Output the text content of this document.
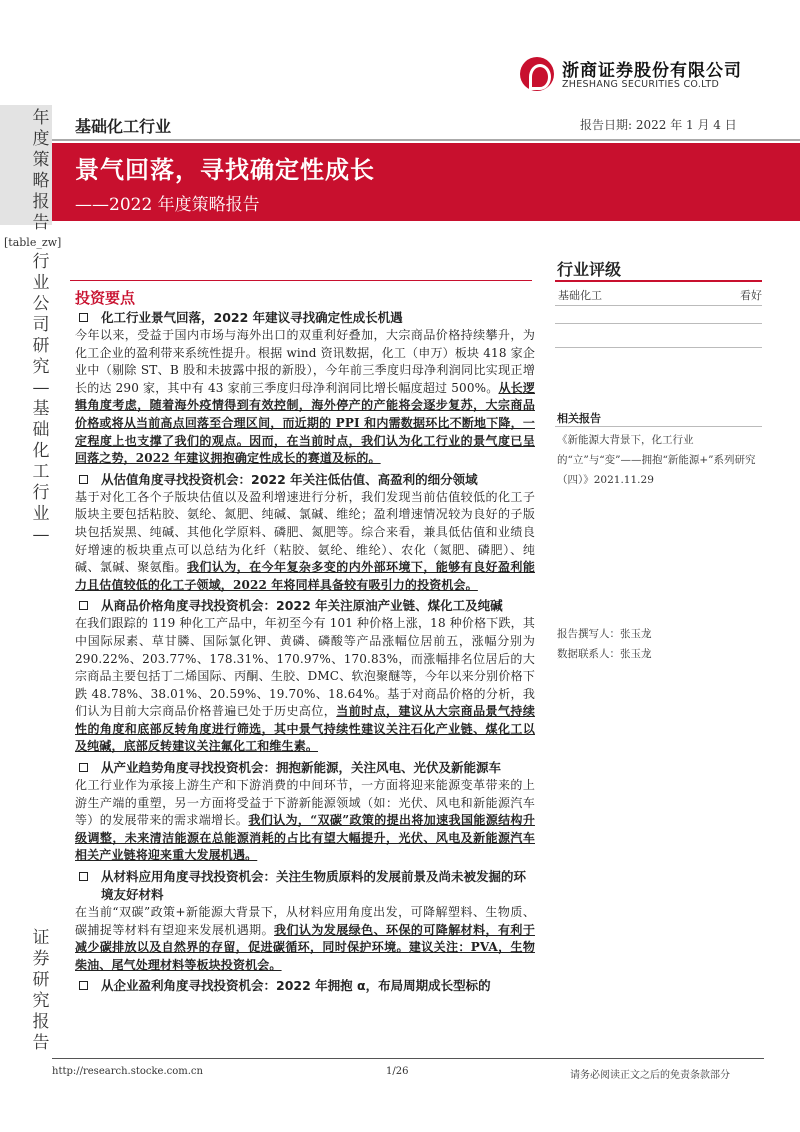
浙商证券股份有限公司
ZHESHANG SECURITIES CO.LTD
年度策略报告
[table_zw]
行业公司研究—基础化工行业—
证券研究报告
基础化工行业	报告日期: 2022 年 1 月 4 日
景气回落，寻找确定性成长
——2022 年度策略报告
投资要点
化工行业景气回落，2022 年建议寻找确定性成长机遇
今年以来，受益于国内市场与海外出口的双重利好叠加，大宗商品价格持续攀升，为化工企业的盈利带来系统性提升。根据 wind 资讯数据，化工（申万）板块 418 家企业中（剔除 ST、B 股和未披露中报的新股），今年前三季度归母净利润同比实现正增长的达 290 家，其中有 43 家前三季度归母净利润同比增长幅度超过 500%。从长逻辑角度考虑，随着海外疫情得到有效控制，海外停产的产能将会逐步复苏，大宗商品价格或将从当前高点回落至合理区间，而近期的 PPI 和内需数据环比不断地下降，一定程度上也支撑了我们的观点。因而，在当前时点，我们认为化工行业的景气度已呈回落之势，2022 年建议拥抱确定性成长的赛道及标的。
从估值角度寻找投资机会：2022 年关注低估值、高盈利的细分领域
基于对化工各个子版块估值以及盈利增速进行分析，我们发现当前估值较低的化工子版块主要包括粘胶、氨纶、氮肥、纯碱、氯碱、维纶；盈利增速情况较为良好的子版块包括炭黑、纯碱、其他化学原料、磷肥、氮肥等。综合来看，兼具低估值和业绩良好增速的板块重点可以总结为化纤（粘胶、氨纶、维纶）、农化（氮肥、磷肥）、纯碱、氯碱、聚氨酯。我们认为，在今年复杂多变的内外部环境下，能够有良好盈利能力且估值较低的化工子领域，2022 年将同样具备较有吸引力的投资机会。
从商品价格角度寻找投资机会：2022 年关注原油产业链、煤化工及纯碱
在我们跟踪的 119 种化工产品中，年初至今有 101 种价格上涨，18 种价格下跌，其中国际尿素、草甘膦、国际氯化钾、黄磷、磷酸等产品涨幅位居前五，涨幅分别为 290.22%、203.77%、178.31%、170.97%、170.83%，而涨幅排名位居后的大宗商品主要包括丁二烯国际、丙酮、生胶、DMC、软泡聚醚等，今年以来分别价格下跌 48.78%、38.01%、20.59%、19.70%、18.64%。基于对商品价格的分析，我们认为目前大宗商品价格普遍已处于历史高位，当前时点，建议从大宗商品景气持续性的角度和底部反转角度进行筛选，其中景气持续性建议关注石化产业链、煤化工以及纯碱，底部反转建议关注氟化工和维生素。
从产业趋势角度寻找投资机会：拥抱新能源，关注风电、光伏及新能源车
化工行业作为承接上游生产和下游消费的中间环节，一方面将迎来能源变革带来的上游生产端的重塑，另一方面将受益于下游新能源领域（如：光伏、风电和新能源汽车等）的发展带来的需求端增长。我们认为，“双碳”政策的提出将加速我国能源结构升级调整，未来清洁能源在总能源消耗的占比有望大幅提升，光伏、风电及新能源汽车相关产业链将迎来重大发展机遇。
从材料应用角度寻找投资机会：关注生物质原料的发展前景及尚未被发掘的环境友好材料
在当前“双碳”政策+新能源大背景下，从材料应用角度出发，可降解塑料、生物质、碳捕捉等材料有望迎来发展机遇期。我们认为发展绿色、环保的可降解材料，有利于减少碳排放以及自然界的存留，促进碳循环，同时保护环境。建议关注：PVA，生物柴油、尾气处理材料等板块投资机会。
从企业盈利角度寻找投资机会：2022 年拥抱 α，布局周期成长型标的
行业评级
基础化工	看好
相关报告
《新能源大背景下，化工行业的“立”与“变”——拥抱“新能源+”系列研究（四）》2021.11.29
报告撰写人：张玉龙
数据联系人：张玉龙
http://research.stocke.com.cn	1/26	请务必阅读正文之后的免责条款部分
